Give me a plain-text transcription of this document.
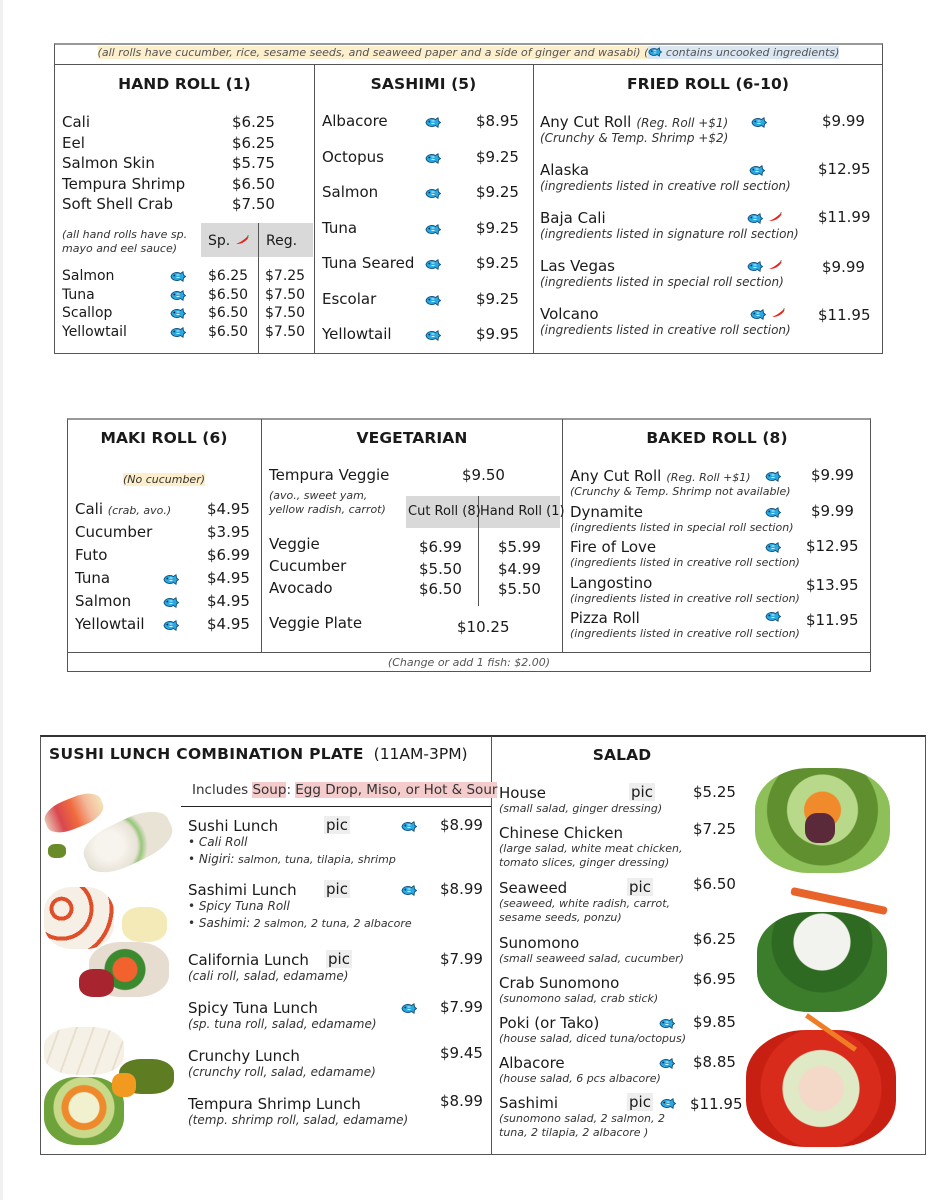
(all rolls have cucumber, rice, sesame seeds, and seaweed paper and a side of ginger and wasabi) ( contains uncooked ingredients)
HAND ROLL (1)
Cali	$6.25
Eel	$6.25
Salmon Skin	$5.75
Tempura Shrimp	$6.50
Soft Shell Crab	$7.50
(all hand rolls have sp. mayo and eel sauce)	Sp.	Reg.
Salmon	$6.25 $7.25
Tuna	$6.50 $7.50
Scallop	$6.50 $7.50
Yellowtail	$6.50 $7.50
SASHIMI (5)
Albacore	$8.95
Octopus	$9.25
Salmon	$9.25
Tuna	$9.25
Tuna Seared	$9.25
Escolar	$9.25
Yellowtail	$9.95
FRIED ROLL (6-10)
Any Cut Roll (Reg. Roll +$1)	$9.99
(Crunchy & Temp. Shrimp +$2)
Alaska	$12.95
(ingredients listed in creative roll section)
Baja Cali	$11.99
(ingredients listed in signature roll section)
Las Vegas	$9.99
(ingredients listed in special roll section)
Volcano	$11.95
(ingredients listed in creative roll section)
MAKI ROLL (6)
(No cucumber)
Cali (crab, avo.) $4.95
Cucumber	$3.95
Futo	$6.99
Tuna	$4.95
Salmon	$4.95
Yellowtail	$4.95
VEGETARIAN
Tempura Veggie	$9.50
(avo., sweet yam, yellow radish, carrot)	Cut Roll (8) Hand Roll (1)
Veggie	$6.99 $5.99
Cucumber	$5.50 $4.99
Avocado	$6.50 $5.50
Veggie Plate	$10.25
(Change or add 1 fish: $2.00)
BAKED ROLL (8)
Any Cut Roll (Reg. Roll +$1)	$9.99
(Crunchy & Temp. Shrimp not available)
Dynamite	$9.99
(ingredients listed in special roll section)
Fire of Love	$12.95
(ingredients listed in creative roll section)
Langostino	$13.95
(ingredients listed in creative roll section)
Pizza Roll	$11.95
(ingredients listed in creative roll section)
SUSHI LUNCH COMBINATION PLATE (11AM-3PM)
Includes Soup: Egg Drop, Miso, or Hot & Sour
Sushi Lunch	pic	$8.99
• Cali Roll
• Nigiri: salmon, tuna, tilapia, shrimp
Sashimi Lunch pic	$8.99
• Spicy Tuna Roll
• Sashimi: 2 salmon, 2 tuna, 2 albacore
California Lunch pic	$7.99
(cali roll, salad, edamame)
Spicy Tuna Lunch	$7.99
(sp. tuna roll, salad, edamame)
Crunchy Lunch	$9.45
(crunchy roll, salad, edamame)
Tempura Shrimp Lunch	$8.99
(temp. shrimp roll, salad, edamame)
SALAD
House	pic	$5.25
(small salad, ginger dressing)
Chinese Chicken	$7.25
(large salad, white meat chicken, tomato slices, ginger dressing)
Seaweed	pic	$6.50
(seaweed, white radish, carrot, sesame seeds, ponzu)
Sunomono	$6.25
(small seaweed salad, cucumber)
Crab Sunomono	$6.95
(sunomono salad, crab stick)
Poki (or Tako)	$9.85
(house salad, diced tuna/octopus)
Albacore	$8.85
(house salad, 6 pcs albacore)
Sashimi	pic	$11.95
(sunomono salad, 2 salmon, 2 tuna, 2 tilapia, 2 albacore )
